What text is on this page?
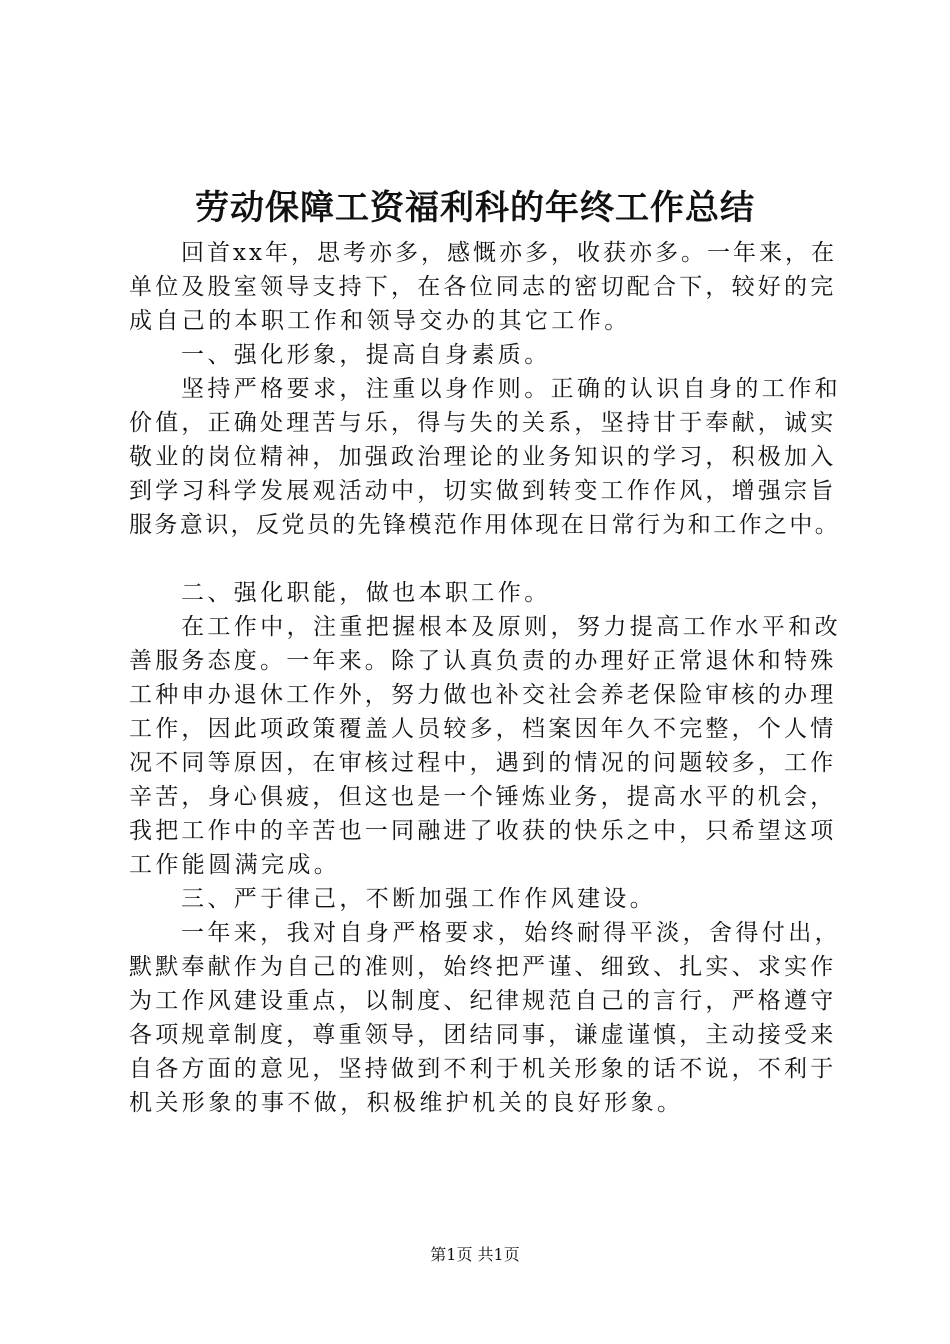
劳动保障工资福利科的年终工作总结
回首xx年，思考亦多，感慨亦多，收获亦多。一年来，在
单位及股室领导支持下，在各位同志的密切配合下，较好的完
成自己的本职工作和领导交办的其它工作。
一、强化形象，提高自身素质。
坚持严格要求，注重以身作则。正确的认识自身的工作和
价值，正确处理苦与乐，得与失的关系，坚持甘于奉献，诚实
敬业的岗位精神，加强政治理论的业务知识的学习，积极加入
到学习科学发展观活动中，切实做到转变工作作风，增强宗旨
服务意识，反党员的先锋模范作用体现在日常行为和工作之中。
二、强化职能，做也本职工作。
在工作中，注重把握根本及原则，努力提高工作水平和改
善服务态度。一年来。除了认真负责的办理好正常退休和特殊
工种申办退休工作外，努力做也补交社会养老保险审核的办理
工作，因此项政策覆盖人员较多，档案因年久不完整，个人情
况不同等原因，在审核过程中，遇到的情况的问题较多，工作
辛苦，身心俱疲，但这也是一个锤炼业务，提高水平的机会，
我把工作中的辛苦也一同融进了收获的快乐之中，只希望这项
工作能圆满完成。
三、严于律己，不断加强工作作风建设。
一年来，我对自身严格要求，始终耐得平淡，舍得付出，
默默奉献作为自己的准则，始终把严谨、细致、扎实、求实作
为工作风建设重点，以制度、纪律规范自己的言行，严格遵守
各项规章制度，尊重领导，团结同事，谦虚谨慎，主动接受来
自各方面的意见，坚持做到不利于机关形象的话不说，不利于
机关形象的事不做，积极维护机关的良好形象。
第1页 共1页
